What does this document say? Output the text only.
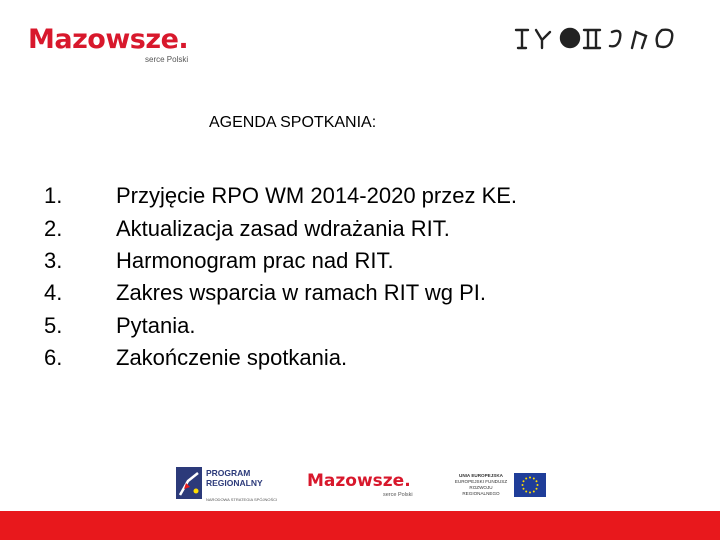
Mazowsze.
serce Polski
AGENDA SPOTKANIA:
1.	Przyjęcie RPO WM 2014-2020 przez KE.
2.	Aktualizacja zasad wdrażania RIT.
3.	Harmonogram prac nad RIT.
4.	Zakres wsparcia w ramach RIT wg PI.
5.	Pytania.
6.	Zakończenie spotkania.
PROGRAM
REGIONALNY
NARODOWA STRATEGIA SPÓJNOŚCI
Mazowsze.
serce Polski
UNIA EUROPEJSKA
EUROPEJSKI FUNDUSZ
ROZWOJU REGIONALNEGO
